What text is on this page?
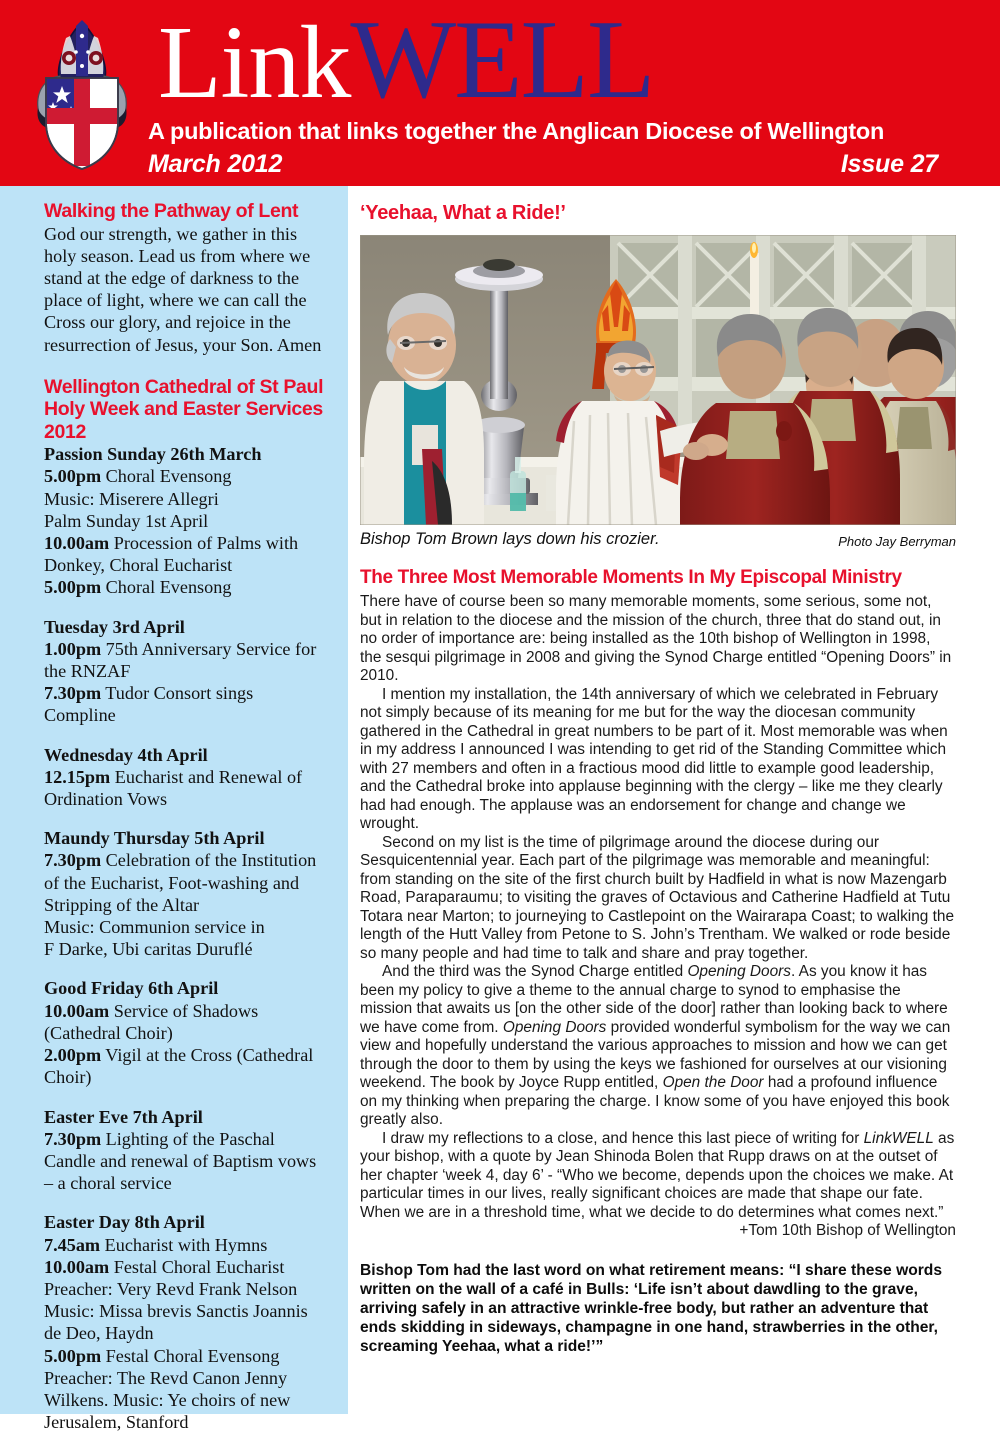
LinkWELL
A publication that links together the Anglican Diocese of Wellington
March 2012	Issue 27
Walking the Pathway of Lent
God our strength, we gather in this holy season. Lead us from where we stand at the edge of darkness to the place of light, where we can call the Cross our glory, and rejoice in the resurrection of Jesus, your Son. Amen
Wellington Cathedral of St Paul Holy Week and Easter Services 2012
Passion Sunday 26th March
5.00pm Choral Evensong
Music: Miserere Allegri
Palm Sunday 1st April
10.00am Procession of Palms with Donkey, Choral Eucharist
5.00pm Choral Evensong
Tuesday 3rd April
1.00pm 75th Anniversary Service for the RNZAF
7.30pm Tudor Consort sings Compline
Wednesday 4th April
12.15pm Eucharist and Renewal of Ordination Vows
Maundy Thursday 5th April
7.30pm Celebration of the Institution of the Eucharist, Foot-washing and Stripping of the Altar
Music: Communion service in
F Darke, Ubi caritas Duruflé
Good Friday 6th April
10.00am Service of Shadows (Cathedral Choir)
2.00pm Vigil at the Cross (Cathedral Choir)
Easter Eve 7th April
7.30pm Lighting of the Paschal Candle and renewal of Baptism vows – a choral service
Easter Day 8th April
7.45am Eucharist with Hymns
10.00am Festal Choral Eucharist
Preacher: Very Revd Frank Nelson
Music: Missa brevis Sanctis Joannis de Deo, Haydn
5.00pm Festal Choral Evensong
Preacher: The Revd Canon Jenny Wilkens. Music: Ye choirs of new Jerusalem, Stanford
‘Yeehaa, What a Ride!’
Bishop Tom Brown lays down his crozier.	Photo Jay Berryman
The Three Most Memorable Moments In My Episcopal Ministry

There have of course been so many memorable moments, some serious, some not, but in relation to the diocese and the mission of the church, three that do stand out, in no order of importance are: being installed as the 10th bishop of Wellington in 1998, the sesqui pilgrimage in 2008 and giving the Synod Charge entitled “Opening Doors” in 2010.

I mention my installation, the 14th anniversary of which we celebrated in February not simply because of its meaning for me but for the way the diocesan community gathered in the Cathedral in great numbers to be part of it. Most memorable was when in my address I announced I was intending to get rid of the Standing Committee which with 27 members and often in a fractious mood did little to example good leadership, and the Cathedral broke into applause beginning with the clergy – like me they clearly had had enough. The applause was an endorsement for change and change we wrought.

Second on my list is the time of pilgrimage around the diocese during our Sesquicentennial year. Each part of the pilgrimage was memorable and meaningful: from standing on the site of the first church built by Hadfield in what is now Mazengarb Road, Paraparaumu; to visiting the graves of Octavious and Catherine Hadfield at Tutu Totara near Marton; to journeying to Castlepoint on the Wairarapa Coast; to walking the length of the Hutt Valley from Petone to S. John’s Trentham. We walked or rode beside so many people and had time to talk and share and pray together.

And the third was the Synod Charge entitled Opening Doors. As you know it has been my policy to give a theme to the annual charge to synod to emphasise the mission that awaits us [on the other side of the door] rather than looking back to where we have come from. Opening Doors provided wonderful symbolism for the way we can view and hopefully understand the various approaches to mission and how we can get through the door to them by using the keys we fashioned for ourselves at our visioning weekend. The book by Joyce Rupp entitled, Open the Door had a profound influence on my thinking when preparing the charge. I know some of you have enjoyed this book greatly also.

I draw my reflections to a close, and hence this last piece of writing for LinkWELL as your bishop, with a quote by Jean Shinoda Bolen that Rupp draws on at the outset of her chapter ‘week 4, day 6’ - “Who we become, depends upon the choices we make. At particular times in our lives, really significant choices are made that shape our fate. When we are in a threshold time, what we decide to do determines what comes next.”

+Tom 10th Bishop of Wellington

Bishop Tom had the last word on what retirement means: “I share these words written on the wall of a café in Bulls: ‘Life isn’t about dawdling to the grave, arriving safely in an attractive wrinkle-free body, but rather an adventure that ends skidding in sideways, champagne in one hand, strawberries in the other, screaming Yeehaa, what a ride!’”
